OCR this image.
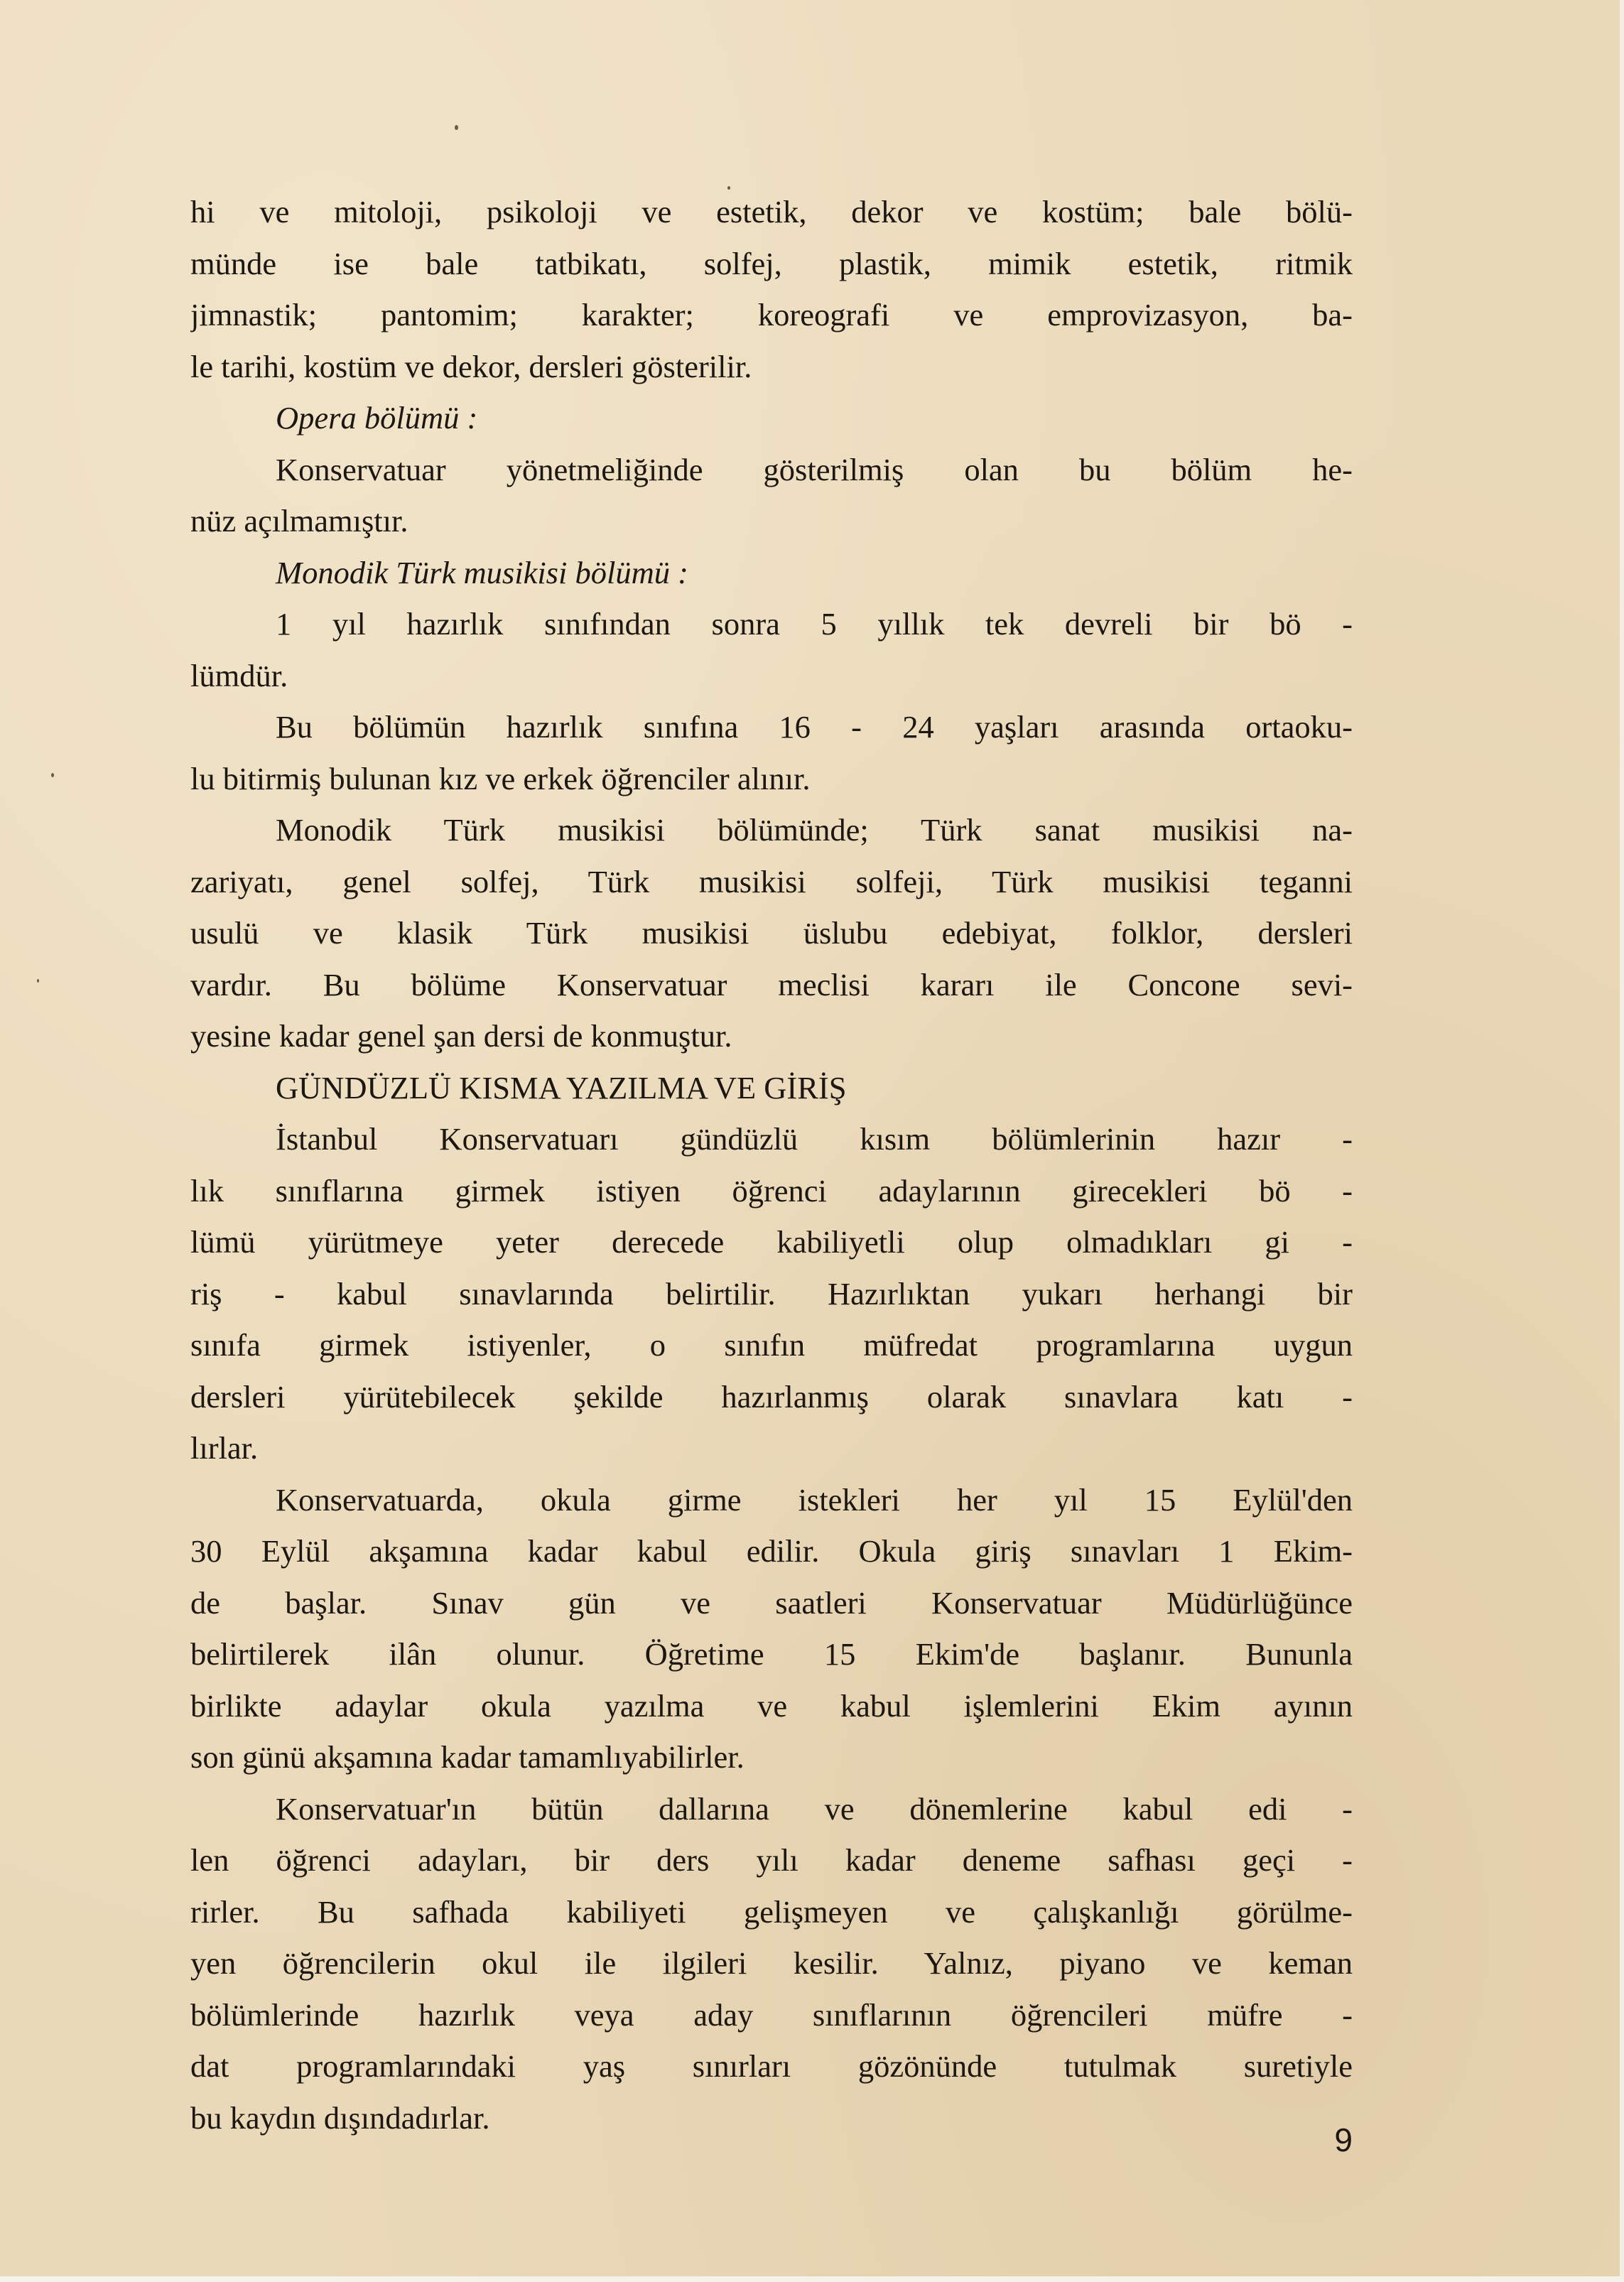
hi ve mitoloji, psikoloji ve estetik, dekor ve kostüm; bale bölü-
münde ise bale tatbikatı, solfej, plastik, mimik estetik, ritmik
jimnastik; pantomim; karakter; koreografi ve emprovizasyon, ba-
le tarihi, kostüm ve dekor, dersleri gösterilir.
Opera bölümü :
Konservatuar yönetmeliğinde gösterilmiş olan bu bölüm he-
nüz açılmamıştır.
Monodik Türk musikisi bölümü :
1 yıl hazırlık sınıfından sonra 5 yıllık tek devreli bir bö -
lümdür.
Bu bölümün hazırlık sınıfına 16 - 24 yaşları arasında ortaoku-
lu bitirmiş bulunan kız ve erkek öğrenciler alınır.
Monodik Türk musikisi bölümünde; Türk sanat musikisi na-
zariyatı, genel solfej, Türk musikisi solfeji, Türk musikisi teganni
usulü ve klasik Türk musikisi üslubu edebiyat, folklor, dersleri
vardır. Bu bölüme Konservatuar meclisi kararı ile Concone sevi-
yesine kadar genel şan dersi de konmuştur.
GÜNDÜZLÜ KISMA YAZILMA VE GİRİŞ
İstanbul Konservatuarı gündüzlü kısım bölümlerinin hazır -
lık sınıflarına girmek istiyen öğrenci adaylarının girecekleri bö -
lümü yürütmeye yeter derecede kabiliyetli olup olmadıkları gi -
riş - kabul sınavlarında belirtilir. Hazırlıktan yukarı herhangi bir
sınıfa girmek istiyenler, o sınıfın müfredat programlarına uygun
dersleri yürütebilecek şekilde hazırlanmış olarak sınavlara katı -
lırlar.
Konservatuarda, okula girme istekleri her yıl 15 Eylül'den
30 Eylül akşamına kadar kabul edilir. Okula giriş sınavları 1 Ekim-
de başlar. Sınav gün ve saatleri Konservatuar Müdürlüğünce
belirtilerek ilân olunur. Öğretime 15 Ekim'de başlanır. Bununla
birlikte adaylar okula yazılma ve kabul işlemlerini Ekim ayının
son günü akşamına kadar tamamlıyabilirler.
Konservatuar'ın bütün dallarına ve dönemlerine kabul edi -
len öğrenci adayları, bir ders yılı kadar deneme safhası geçi -
rirler. Bu safhada kabiliyeti gelişmeyen ve çalışkanlığı görülme-
yen öğrencilerin okul ile ilgileri kesilir. Yalnız, piyano ve keman
bölümlerinde hazırlık veya aday sınıflarının öğrencileri müfre -
dat programlarındaki yaş sınırları gözönünde tutulmak suretiyle
bu kaydın dışındadırlar.
9
